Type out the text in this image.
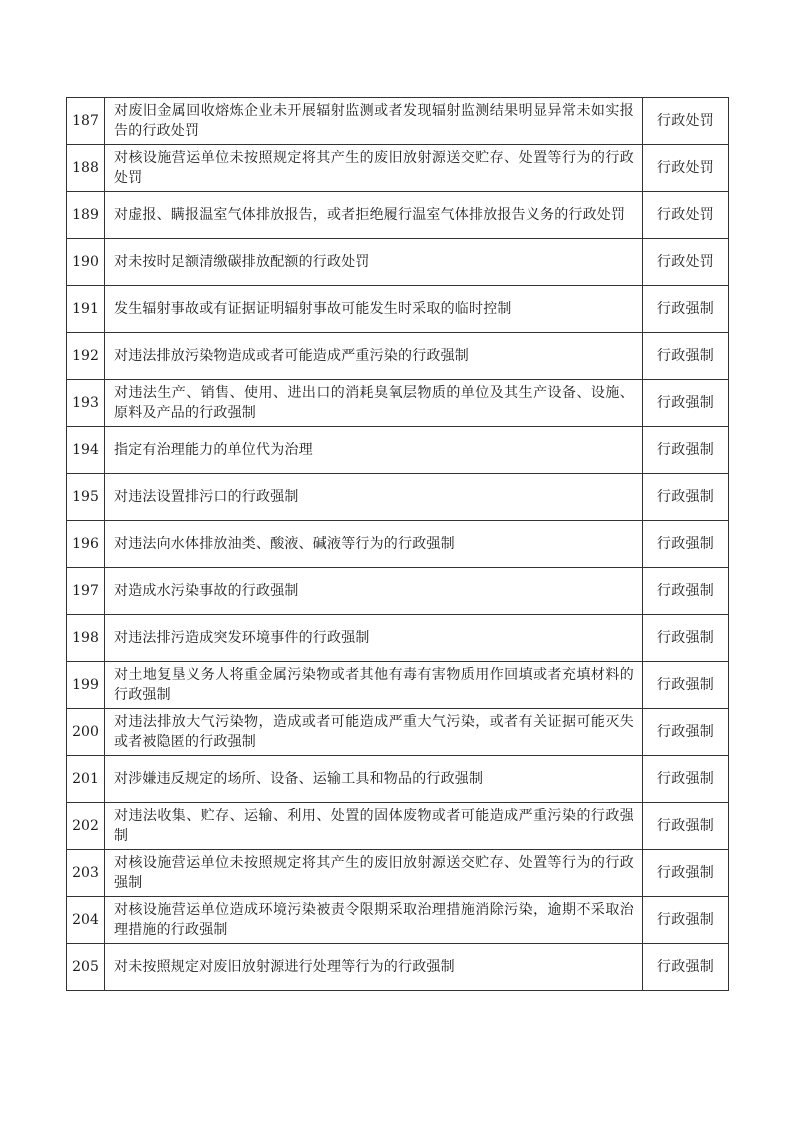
187	对废旧金属回收熔炼企业未开展辐射监测或者发现辐射监测结果明显异常未如实报告的行政处罚	行政处罚
188	对核设施营运单位未按照规定将其产生的废旧放射源送交贮存、处置等行为的行政处罚	行政处罚
189	对虚报、瞒报温室气体排放报告，或者拒绝履行温室气体排放报告义务的行政处罚	行政处罚
190	对未按时足额清缴碳排放配额的行政处罚	行政处罚
191	发生辐射事故或有证据证明辐射事故可能发生时采取的临时控制	行政强制
192	对违法排放污染物造成或者可能造成严重污染的行政强制	行政强制
193	对违法生产、销售、使用、进出口的消耗臭氧层物质的单位及其生产设备、设施、原料及产品的行政强制	行政强制
194	指定有治理能力的单位代为治理	行政强制
195	对违法设置排污口的行政强制	行政强制
196	对违法向水体排放油类、酸液、碱液等行为的行政强制	行政强制
197	对造成水污染事故的行政强制	行政强制
198	对违法排污造成突发环境事件的行政强制	行政强制
199	对土地复垦义务人将重金属污染物或者其他有毒有害物质用作回填或者充填材料的行政强制	行政强制
200	对违法排放大气污染物，造成或者可能造成严重大气污染，或者有关证据可能灭失或者被隐匿的行政强制	行政强制
201	对涉嫌违反规定的场所、设备、运输工具和物品的行政强制	行政强制
202	对违法收集、贮存、运输、利用、处置的固体废物或者可能造成严重污染的行政强制	行政强制
203	对核设施营运单位未按照规定将其产生的废旧放射源送交贮存、处置等行为的行政强制	行政强制
204	对核设施营运单位造成环境污染被责令限期采取治理措施消除污染，逾期不采取治理措施的行政强制	行政强制
205	对未按照规定对废旧放射源进行处理等行为的行政强制	行政强制
